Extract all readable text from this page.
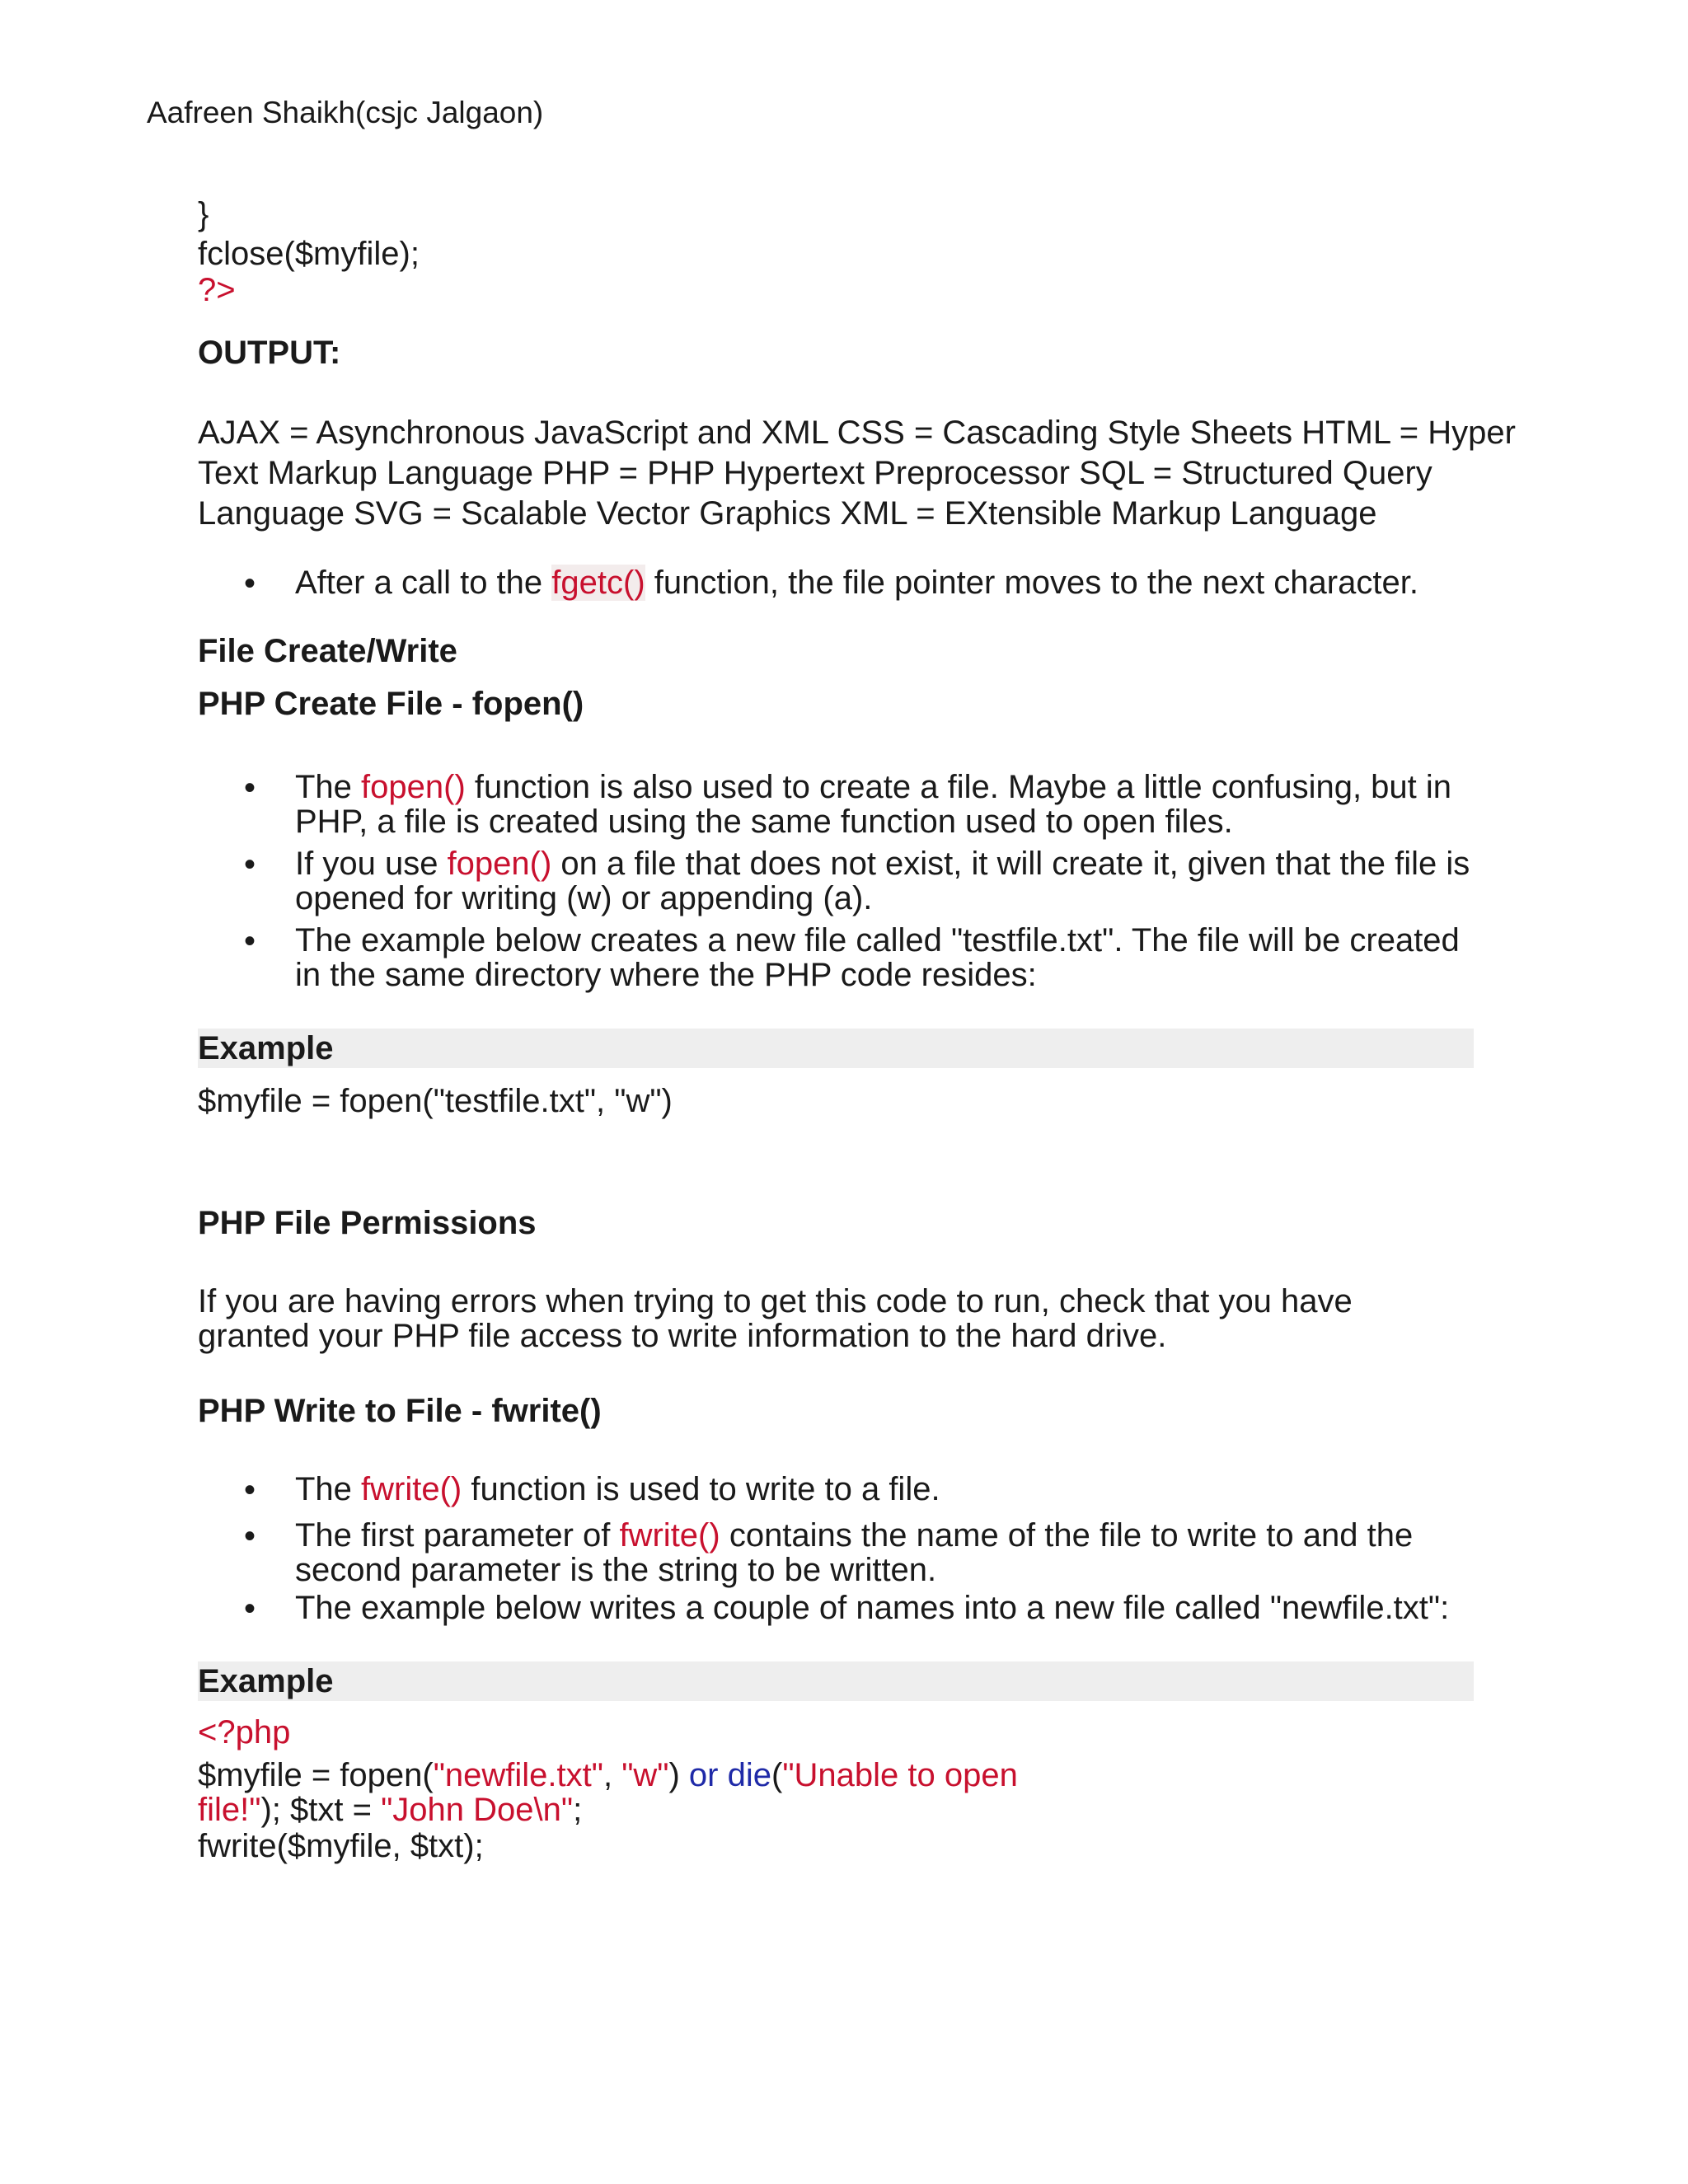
Aafreen Shaikh(csjc Jalgaon)
}
fclose($myfile);
?>
OUTPUT:
AJAX = Asynchronous JavaScript and XML CSS = Cascading Style Sheets HTML = Hyper
Text Markup Language PHP = PHP Hypertext Preprocessor SQL = Structured Query
Language SVG = Scalable Vector Graphics XML = EXtensible Markup Language
• After a call to the fgetc() function, the file pointer moves to the next character.
File Create/Write
PHP Create File - fopen()
• The fopen() function is also used to create a file. Maybe a little confusing, but in
PHP, a file is created using the same function used to open files.
• If you use fopen() on a file that does not exist, it will create it, given that the file is
opened for writing (w) or appending (a).
• The example below creates a new file called "testfile.txt". The file will be created
in the same directory where the PHP code resides:
Example
$myfile = fopen("testfile.txt", "w")
PHP File Permissions
If you are having errors when trying to get this code to run, check that you have
granted your PHP file access to write information to the hard drive.
PHP Write to File - fwrite()
• The fwrite() function is used to write to a file.
• The first parameter of fwrite() contains the name of the file to write to and the
second parameter is the string to be written.
• The example below writes a couple of names into a new file called "newfile.txt":
Example
<?php
$myfile = fopen("newfile.txt", "w") or die("Unable to open
file!"); $txt = "John Doe\n";
fwrite($myfile, $txt);
